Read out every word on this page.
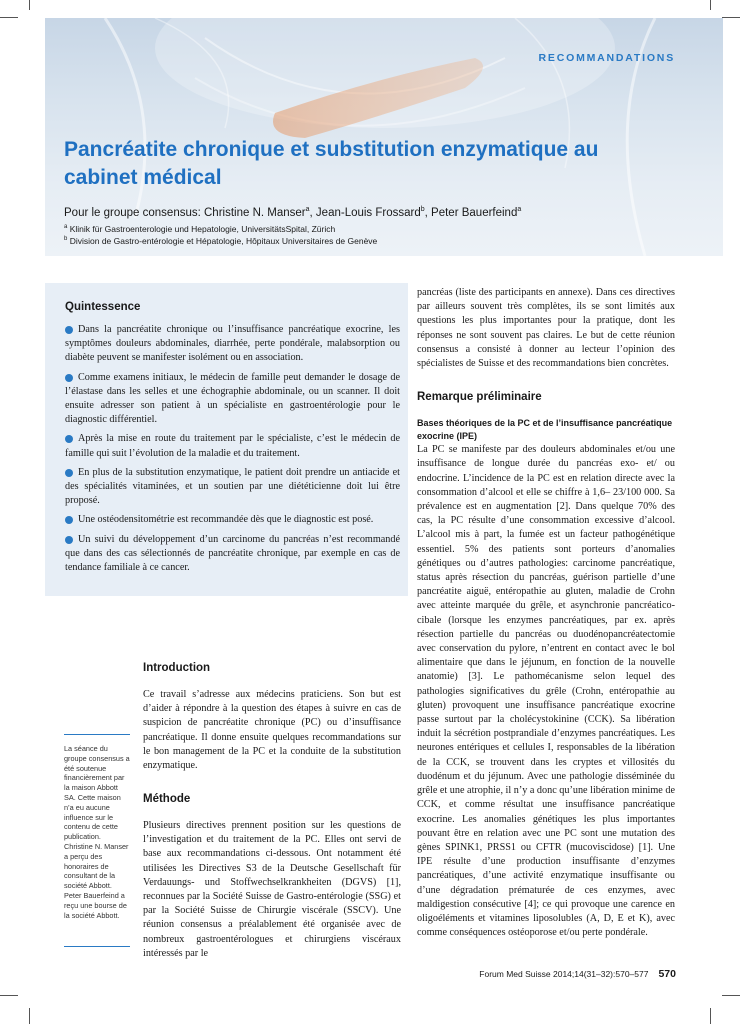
RECOMMANDATIONS
Pancréatite chronique et substitution enzymatique au cabinet médical
Pour le groupe consensus: Christine N. Manser$^a$, Jean-Louis Frossard$^b$, Peter Bauerfeind$^a$
$^a$ Klinik für Gastroenterologie und Hepatologie, UniversitätsSpital, Zürich
$^b$ Division de Gastro-entérologie et Hépatologie, Hôpitaux Universitaires de Genève
Quintessence
Dans la pancréatite chronique ou l’insuffisance pancréatique exocrine, les symptômes douleurs abdominales, diarrhée, perte pondérale, malabsorption ou diabète peuvent se manifester isolément ou en association.
Comme examens initiaux, le médecin de famille peut demander le dosage de l’élastase dans les selles et une échographie abdominale, ou un scanner. Il doit ensuite adresser son patient à un spécialiste en gastroentérologie pour le diagnostic différentiel.
Après la mise en route du traitement par le spécialiste, c’est le médecin de famille qui suit l’évolution de la maladie et du traitement.
En plus de la substitution enzymatique, le patient doit prendre un antiacide et des spécialités vitaminées, et un soutien par une diététicienne doit lui être proposé.
Une ostéodensitométrie est recommandée dès que le diagnostic est posé.
Un suivi du développement d’un carcinome du pancréas n’est recommandé que dans des cas sélectionnés de pancréatite chronique, par exemple en cas de tendance familiale à ce cancer.
La séance du groupe consensus a été soutenue financièrement par la maison Abbott SA. Cette maison n’a eu aucune influence sur le contenu de cette publication. Christine N. Manser a perçu des honoraires de consultant de la société Abbott. Peter Bauerfeind a reçu une bourse de la société Abbott.
Introduction

Ce travail s’adresse aux médecins praticiens. Son but est d’aider à répondre à la question des étapes à suivre en cas de suspicion de pancréatite chronique (PC) ou d’insuffisance pancréatique. Il donne ensuite quelques recommandations sur le bon management de la PC et la conduite de la substitution enzymatique.

Méthode

Plusieurs directives prennent position sur les questions de l’investigation et du traitement de la PC. Elles ont servi de base aux recommandations ci-dessous. Ont notamment été utilisées les Directives S3 de la Deutsche Gesellschaft für Verdauungs- und Stoffwechselkrankheiten (DGVS) [1], reconnues par la Société Suisse de Gastro-entérologie (SSG) et par la Société Suisse de Chirurgie viscérale (SSCV). Une réunion consensus a préalablement été organisée avec de nombreux gastroentérologues et chirurgiens viscéraux intéressés par le

pancréas (liste des participants en annexe). Dans ces directives par ailleurs souvent très complètes, ils se sont limités aux questions les plus importantes pour la pratique, dont les réponses ne sont souvent pas claires. Le but de cette réunion consensus a consisté à donner au lecteur l’opinion des spécialistes de Suisse et des recommandations bien concrètes.

Remarque préliminaire
Bases théoriques de la PC et de l’insuffisance pancréatique exocrine (IPE)

La PC se manifeste par des douleurs abdominales et/ou une insuffisance de longue durée du pancréas exo- et/ ou endocrine. L’incidence de la PC est en relation directe avec la consommation d’alcool et elle se chiffre à 1,6– 23/100 000. Sa prévalence est en augmentation [2]. Dans quelque 70% des cas, la PC résulte d’une consommation excessive d’alcool. L’alcool mis à part, la fumée est un facteur pathogénétique essentiel. 5% des patients sont porteurs d’anomalies génétiques ou d’autres pathologies: carcinome pancréatique, status après résection du pancréas, guérison partielle d’une pancréatite aiguë, entéropathie au gluten, maladie de Crohn avec atteinte marquée du grêle, et asynchronie pancréatico-cibale (lorsque les enzymes pancréatiques, par ex. après résection partielle du pancréas ou duodénopancréatectomie avec conservation du pylore, n’entrent en contact avec le bol alimentaire que dans le jéjunum, en fonction de la nouvelle anatomie) [3]. Le pathomécanisme selon lequel des pathologies significatives du grêle (Crohn, entéropathie au gluten) provoquent une insuffisance pancréatique exocrine passe surtout par la cholécystokinine (CCK). Sa libération induit la sécrétion postprandiale d’enzymes pancréatiques. Les neurones entériques et cellules I, responsables de la libération de la CCK, se trouvent dans les cryptes et villosités du duodénum et du jéjunum. Avec une pathologie disséminée du grêle et une atrophie, il n’y a donc qu’une libération minime de CCK, et comme résultat une insuffisance pancréatique exocrine. Les anomalies génétiques les plus importantes pouvant être en relation avec une PC sont une mutation des gènes SPINK1, PRSS1 ou CFTR (mucoviscidose) [1]. Une IPE résulte d’une production insuffisante d’enzymes pancréatiques, d’une activité enzymatique insuffisante ou d’une dégradation prématurée de ces enzymes, avec maldigestion consécutive [4]; ce qui provoque une carence en oligoéléments et vitamines liposolubles (A, D, E et K), avec comme conséquences ostéoporose et/ou perte pondérale.

Forum Med Suisse 2014;14(31–32):570–577 570
